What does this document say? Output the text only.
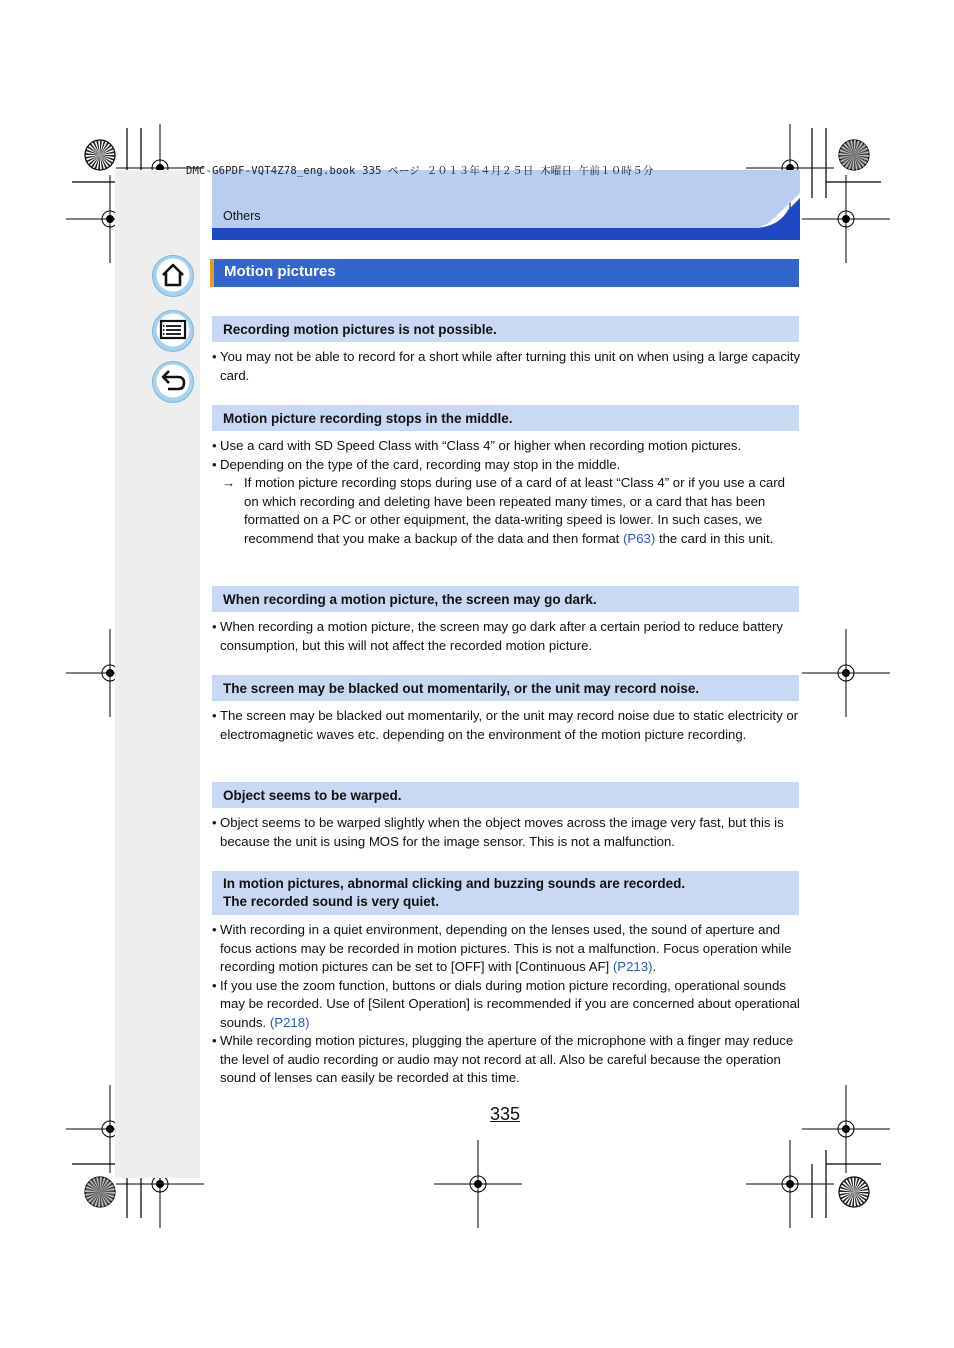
DMC-G6PDF-VQT4Z78_eng.book 335 ページ ２０１３年４月２５日 木曜日 午前１０時５分
Others
Motion pictures
Recording motion pictures is not possible.
• You may not be able to record for a short while after turning this unit on when using a large capacity card.
Motion picture recording stops in the middle.
• Use a card with SD Speed Class with “Class 4” or higher when recording motion pictures.
• Depending on the type of the card, recording may stop in the middle.
→ If motion picture recording stops during use of a card of at least “Class 4” or if you use a card on which recording and deleting have been repeated many times, or a card that has been formatted on a PC or other equipment, the data-writing speed is lower. In such cases, we recommend that you make a backup of the data and then format (P63) the card in this unit.
When recording a motion picture, the screen may go dark.
• When recording a motion picture, the screen may go dark after a certain period to reduce battery consumption, but this will not affect the recorded motion picture.
The screen may be blacked out momentarily, or the unit may record noise.
• The screen may be blacked out momentarily, or the unit may record noise due to static electricity or electromagnetic waves etc. depending on the environment of the motion picture recording.
Object seems to be warped.
• Object seems to be warped slightly when the object moves across the image very fast, but this is because the unit is using MOS for the image sensor. This is not a malfunction.
In motion pictures, abnormal clicking and buzzing sounds are recorded.
The recorded sound is very quiet.
• With recording in a quiet environment, depending on the lenses used, the sound of aperture and focus actions may be recorded in motion pictures. This is not a malfunction. Focus operation while recording motion pictures can be set to [OFF] with [Continuous AF] (P213).
• If you use the zoom function, buttons or dials during motion picture recording, operational sounds may be recorded. Use of [Silent Operation] is recommended if you are concerned about operational sounds. (P218)
• While recording motion pictures, plugging the aperture of the microphone with a finger may reduce the level of audio recording or audio may not record at all. Also be careful because the operation sound of lenses can easily be recorded at this time.
335
